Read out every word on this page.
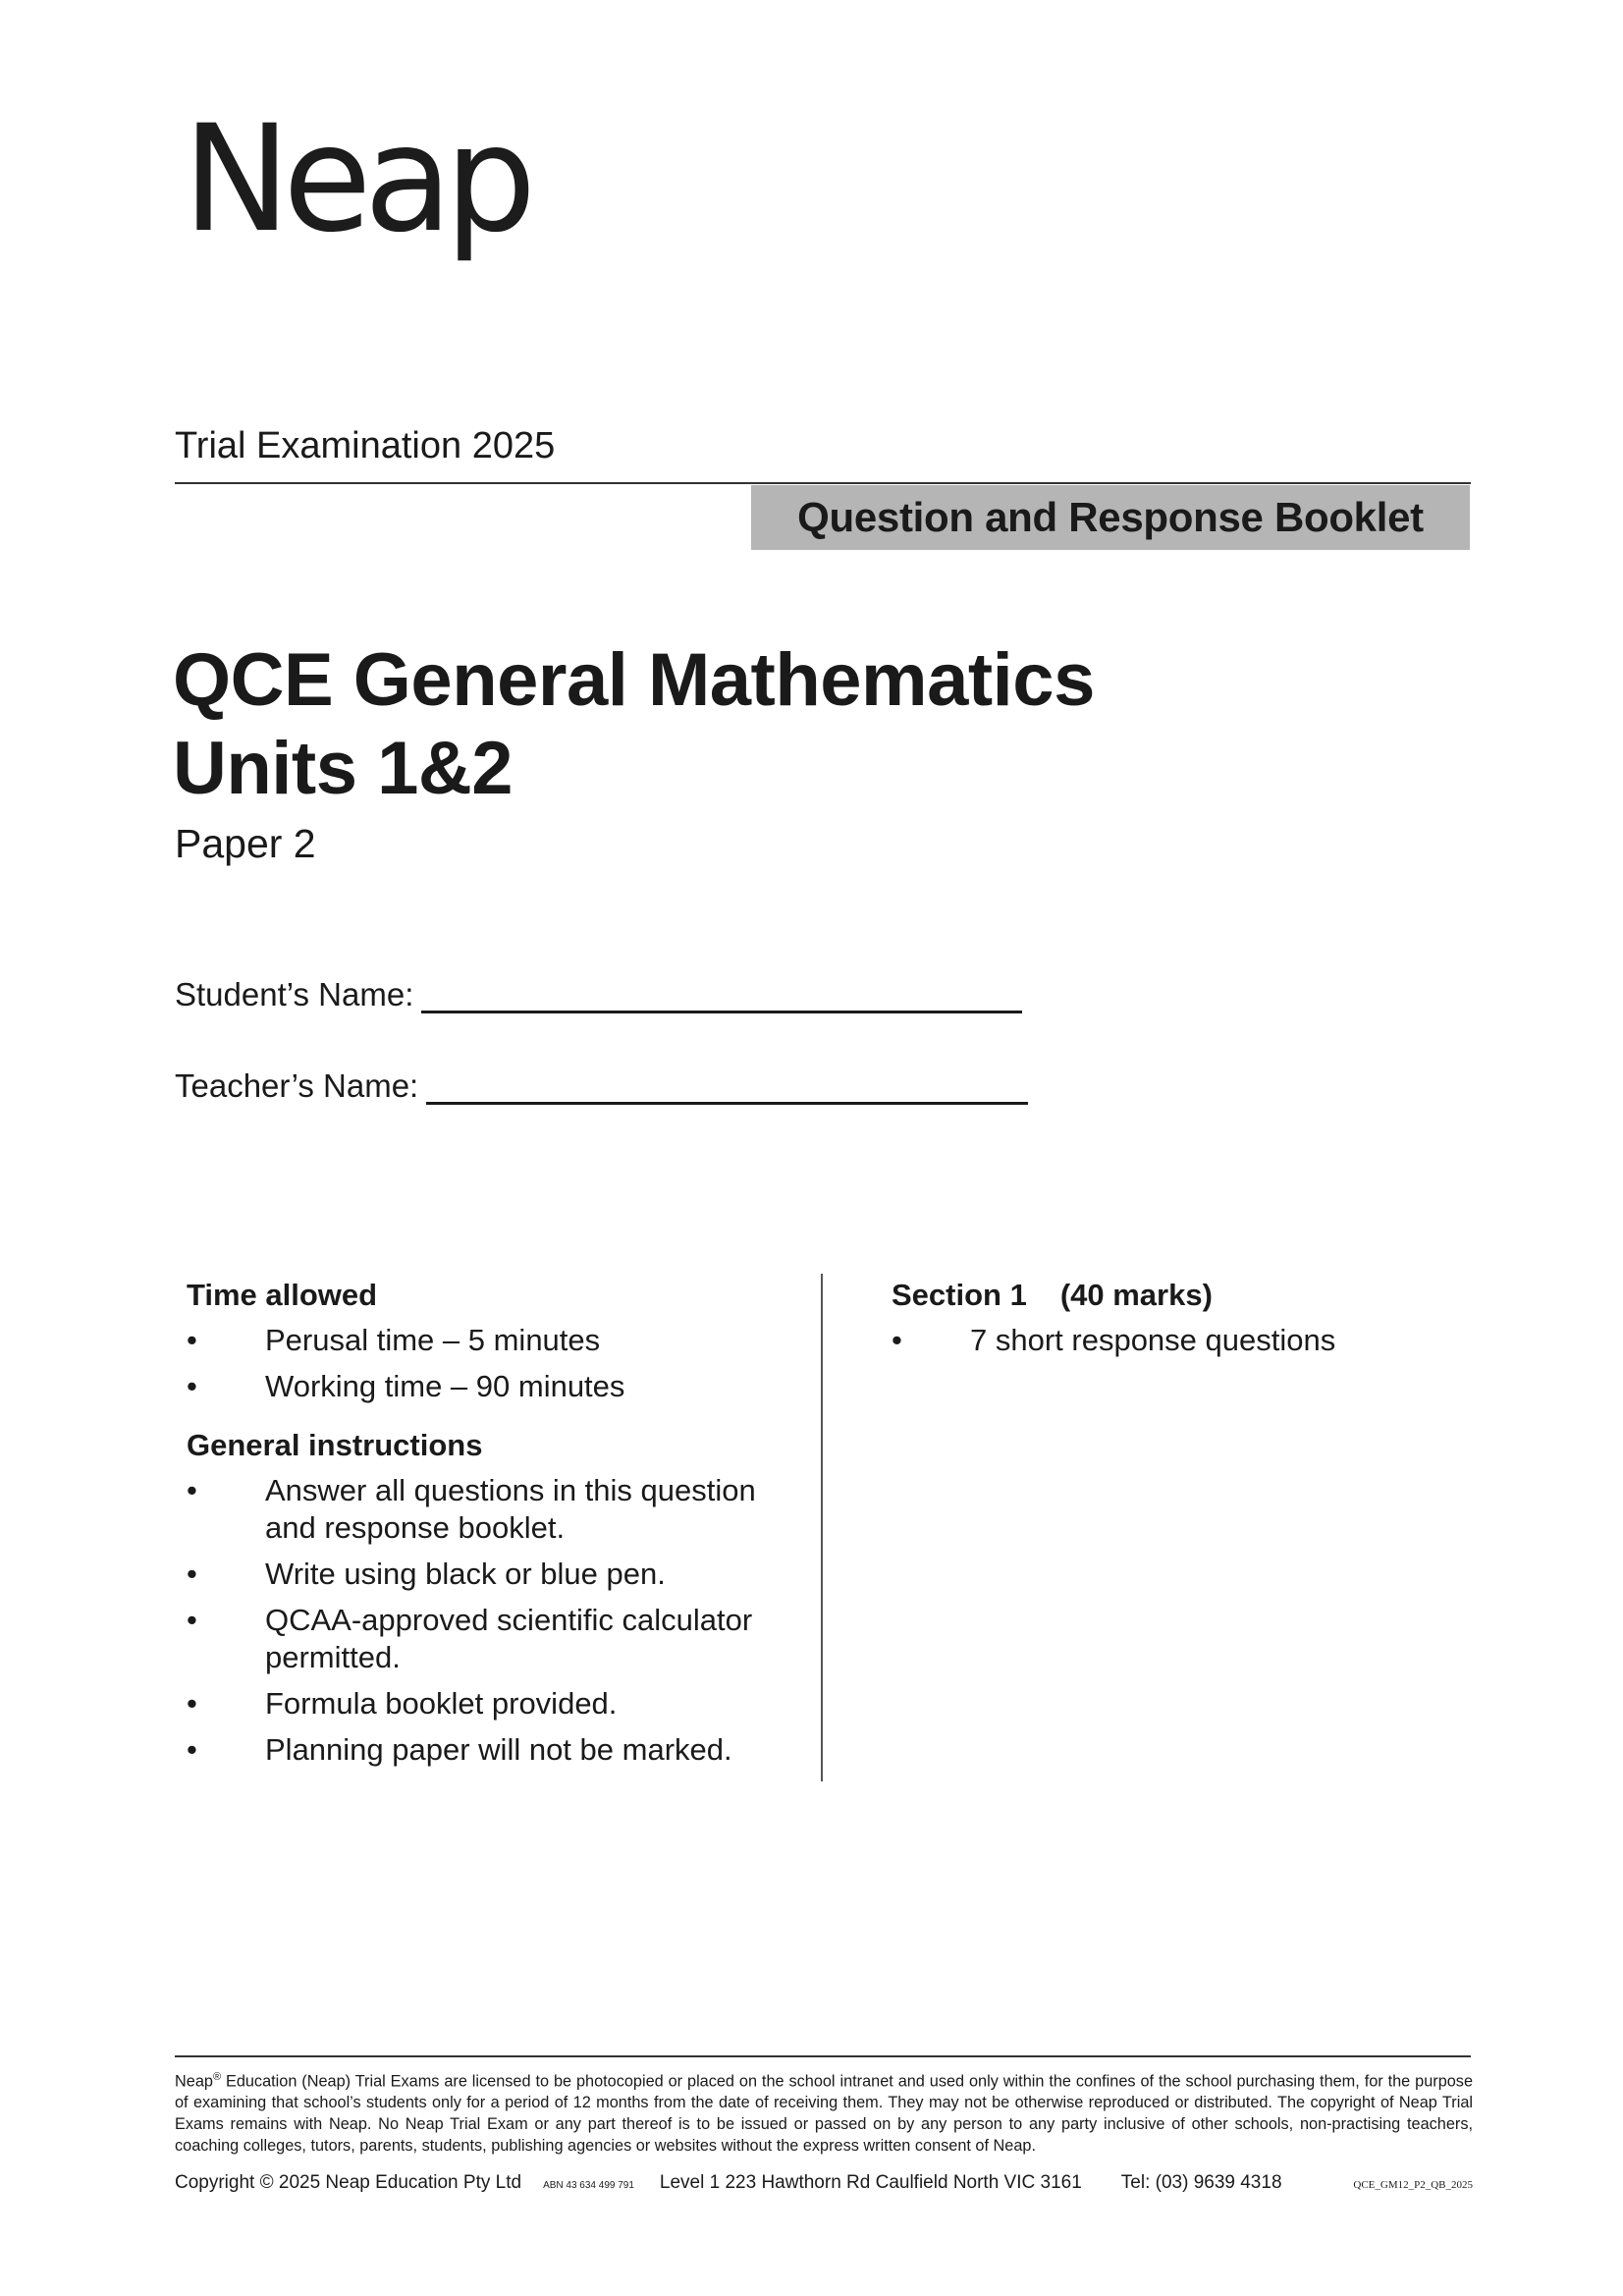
Neap
Trial Examination 2025
Question and Response Booklet
QCE General Mathematics
Units 1&2
Paper 2
Student’s Name:
Teacher’s Name:
Time allowed
• Perusal time – 5 minutes
• Working time – 90 minutes
General instructions
• Answer all questions in this question and response booklet.
• Write using black or blue pen.
• QCAA-approved scientific calculator permitted.
• Formula booklet provided.
• Planning paper will not be marked.
Section 1 (40 marks)
• 7 short response questions
Neap® Education (Neap) Trial Exams are licensed to be photocopied or placed on the school intranet and used only within the confines of the school purchasing them, for the purpose of examining that school’s students only for a period of 12 months from the date of receiving them. They may not be otherwise reproduced or distributed. The copyright of Neap Trial Exams remains with Neap. No Neap Trial Exam or any part thereof is to be issued or passed on by any person to any party inclusive of other schools, non-practising teachers, coaching colleges, tutors, parents, students, publishing agencies or websites without the express written consent of Neap.
Copyright © 2025 Neap Education Pty Ltd ABN 43 634 499 791 Level 1 223 Hawthorn Rd Caulfield North VIC 3161 Tel: (03) 9639 4318	QCE_GM12_P2_QB_2025
